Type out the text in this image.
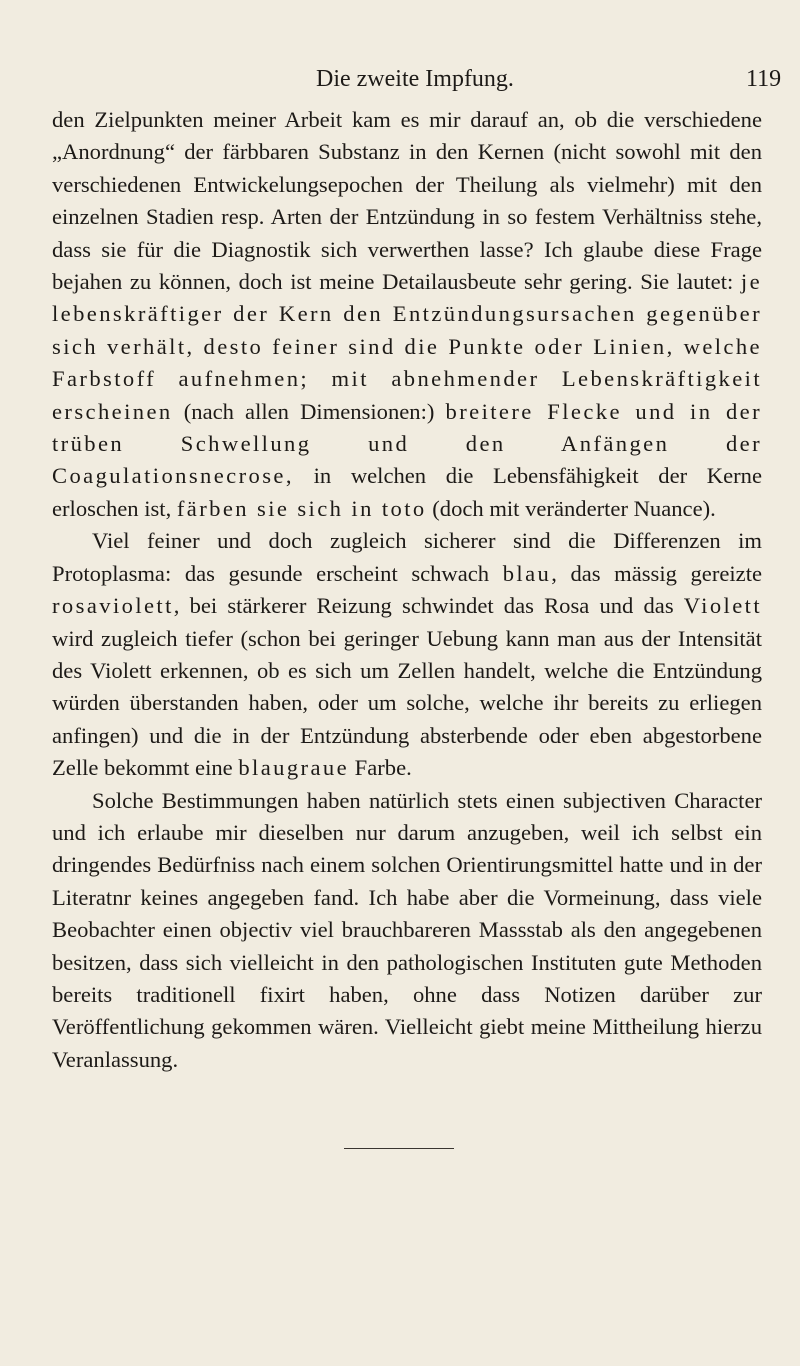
Die zweite Impfung.	119

den Zielpunkten meiner Arbeit kam es mir darauf an, ob die verschiedene „Anordnung“ der färbbaren Substanz in den Kernen (nicht sowohl mit den verschiedenen Entwickelungsepochen der Theilung als vielmehr) mit den einzelnen Stadien resp. Arten der Entzündung in so festem Verhältniss stehe, dass sie für die Diagnostik sich verwerthen lasse? Ich glaube diese Frage bejahen zu können, doch ist meine Detailausbeute sehr gering. Sie lautet: je lebenskräftiger der Kern den Entzündungsursachen gegenüber sich verhält, desto feiner sind die Punkte oder Linien, welche Farbstoff aufnehmen; mit abnehmender Lebenskräftigkeit erscheinen (nach allen Dimensionen:) breitere Flecke und in der trüben Schwellung und den Anfängen der Coagulationsnecrose, in welchen die Lebensfähigkeit der Kerne erloschen ist, färben sie sich in toto (doch mit veränderter Nuance).

Viel feiner und doch zugleich sicherer sind die Differenzen im Protoplasma: das gesunde erscheint schwach blau, das mässig gereizte rosaviolett, bei stärkerer Reizung schwindet das Rosa und das Violett wird zugleich tiefer (schon bei geringer Uebung kann man aus der Intensität des Violett erkennen, ob es sich um Zellen handelt, welche die Entzündung würden überstanden haben, oder um solche, welche ihr bereits zu erliegen anfingen) und die in der Entzündung absterbende oder eben abgestorbene Zelle bekommt eine blaugraue Farbe.

Solche Bestimmungen haben natürlich stets einen subjectiven Character und ich erlaube mir dieselben nur darum anzugeben, weil ich selbst ein dringendes Bedürfniss nach einem solchen Orientirungsmittel hatte und in der Literatnr keines angegeben fand. Ich habe aber die Vormeinung, dass viele Beobachter einen objectiv viel brauchbareren Massstab als den angegebenen besitzen, dass sich vielleicht in den pathologischen Instituten gute Methoden bereits traditionell fixirt haben, ohne dass Notizen darüber zur Veröffentlichung gekommen wären. Vielleicht giebt meine Mittheilung hierzu Veranlassung.
